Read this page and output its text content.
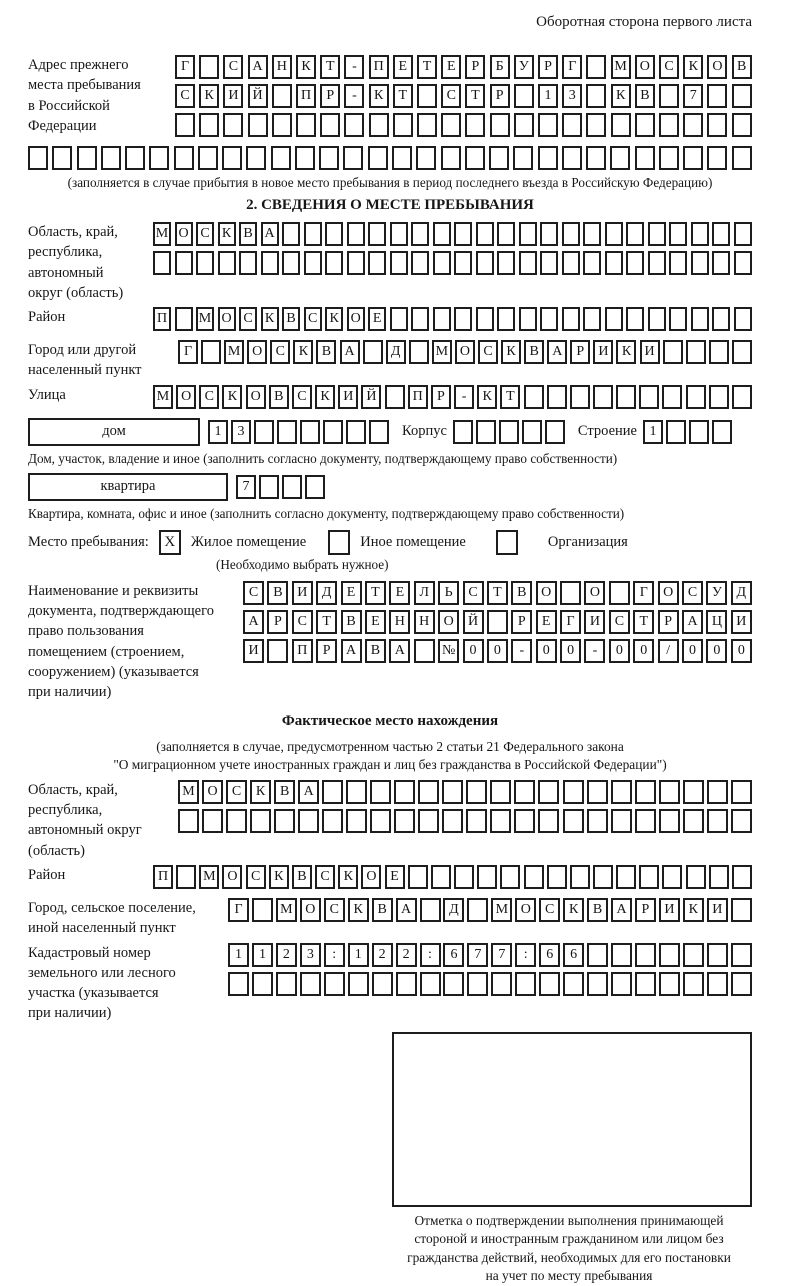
Оборотная сторона первого листа
Адрес прежнего
места пребывания
в Российской
Федерации
Г	С	А	Н	К	Т	-	П	Е	Т	Е	Р	Б	У	Р	Г	М О	С	К	О	В
С	К	И	Й	П	Р	-	К	Т	С	Т	Р	1	3	К	В	7
(заполняется в случае прибытия в новое место пребывания в период последнего въезда в Российскую Федерацию)
2. СВЕДЕНИЯ О МЕСТЕ ПРЕБЫВАНИЯ
Область, край,
республика,
автономный
округ (область)
М О С К В А
Район	П М О С К В С К О Е
Город или другой
населенный пункт
Г	М О С К В А	Д	М О С К В А	Р	И К И
Улица	М О С К О В С К И Й	П	Р	-	К	Т
дом	1	3	Корпус	Строение 1
Дом, участок, владение и иное (заполнить согласно документу, подтверждающему право собственности)
квартира	7
Квартира, комната, офис и иное (заполнить согласно документу, подтверждающему право собственности)
Место пребывания:	X	Жилое помещение	Иное помещение	Организация
(Необходимо выбрать нужное)
Наименование и реквизиты
документа, подтверждающего
право пользования
помещением (строением,
сооружением) (указывается
при наличии)
С	В	И	Д	Е	Т	Е	Л	Ь	С	Т	В	О	О	Г	О	С	У	Д
А	Р	С	Т	В	Е	Н	Н	О	Й	Р	Е	Г	И	С	Т	Р	А	Ц	И
И	П	Р	А	В	А	№	0	0	-	0	0	-	0	0	/	0	0	0
Фактическое место нахождения
(заполняется в случае, предусмотренном частью 2 статьи 21 Федерального закона
"О миграционном учете иностранных граждан и лиц без гражданства в Российской Федерации")
Область, край,
республика,
автономный округ
(область)
М О	С	К	В	А
Район	П	М О С К В С К О Е
Город, сельское поселение,
иной населенный пункт
Г	М О	С	К	В	А	Д	М О	С	К	В	А	Р	И	К	И
Кадастровый номер
земельного или лесного
участка (указывается
при наличии)
1	1	2	3	:	1	2	2	:	6	7	7	:	6	6
Отметка о подтверждении выполнения принимающей
стороной и иностранным гражданином или лицом без
гражданства действий, необходимых для его постановки
на учет по месту пребывания
